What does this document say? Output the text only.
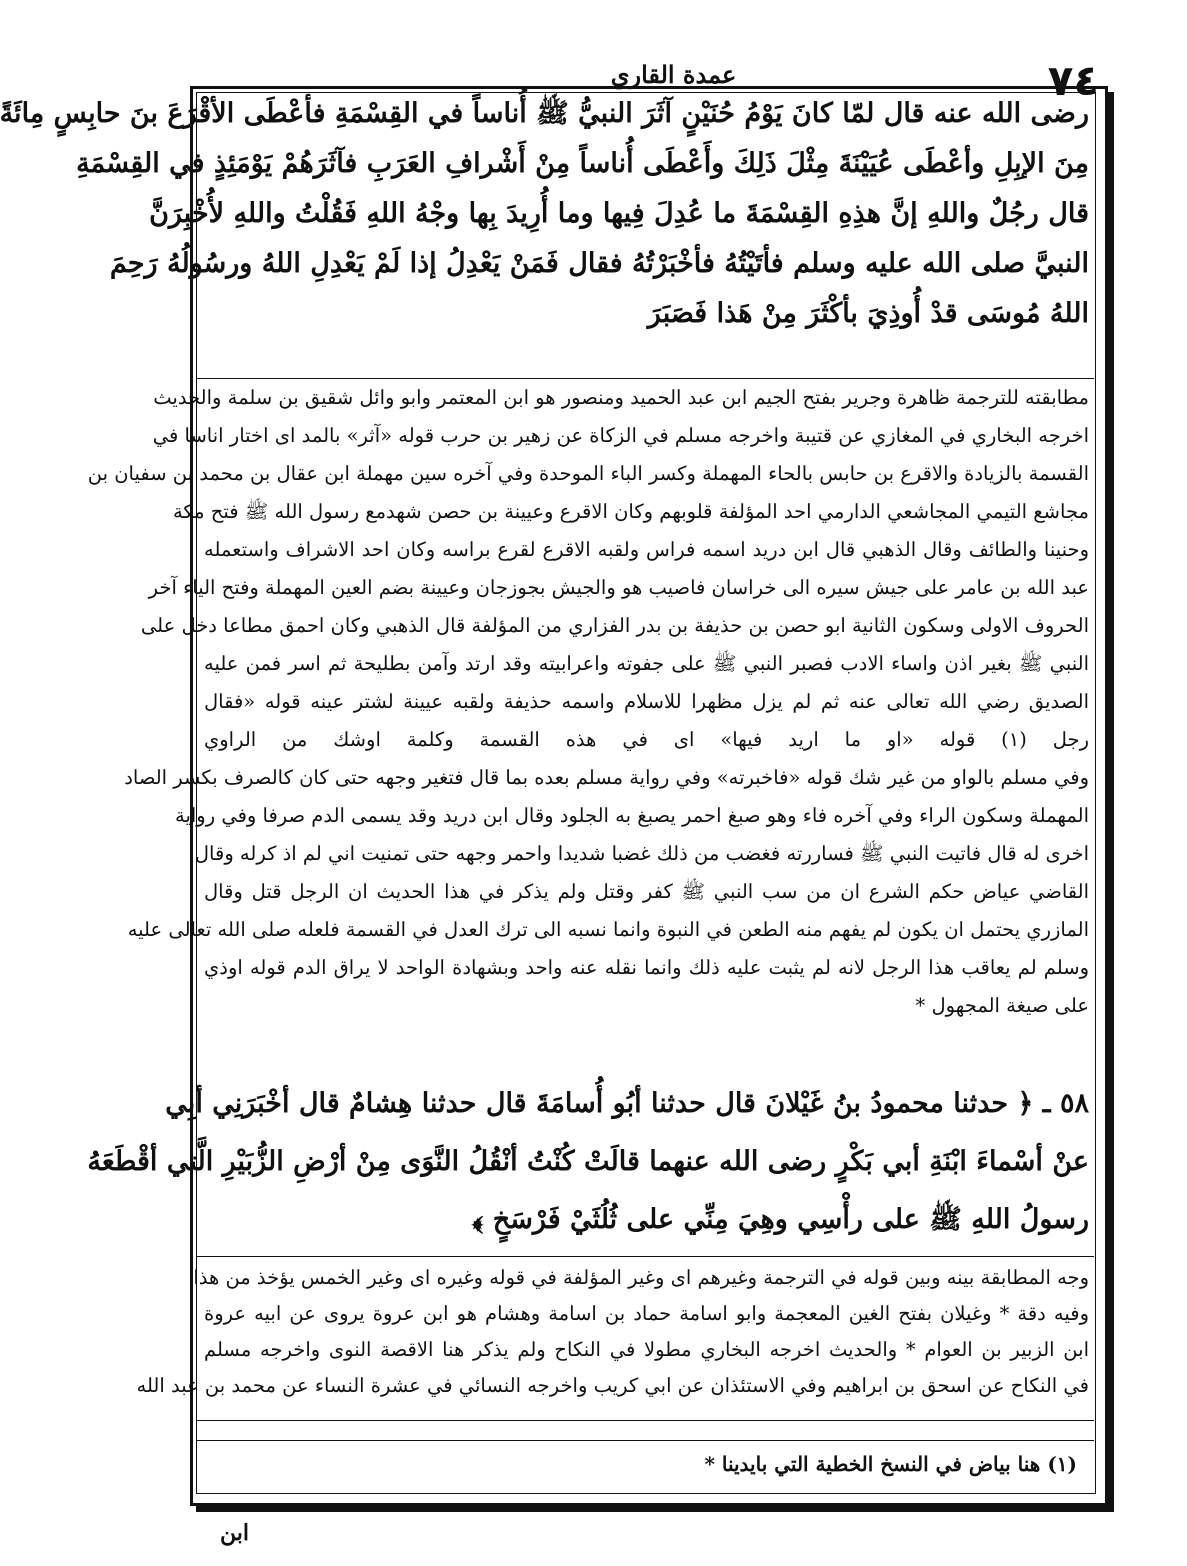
٧٤
عمدة القاري
رضى الله عنه قال لمّا كانَ يَوْمُ حُنَيْنٍ آثَرَ النبيُّ ﷺ أُناساً في القِسْمَةِ فأعْطَى الأقْرَعَ بنَ حابِسٍ مِائَةً
مِنَ الإبِلِ وأعْطَى عُيَيْنَةَ مِثْلَ ذَلِكَ وأَعْطَى أُناساً مِنْ أَشْرافِ العَرَبِ فآثَرَهُمْ يَوْمَئِذٍ في القِسْمَةِ
قال رجُلٌ واللهِ إنَّ هذِهِ القِسْمَةَ ما عُدِلَ فِيها وما أُرِيدَ بِها وجْهُ اللهِ فَقُلْتُ واللهِ لأُخْبِرَنَّ
النبيَّ صلى الله عليه وسلم فأتَيْتُهُ فأخْبَرْتُهُ فقال فَمَنْ يَعْدِلُ إذا لَمْ يَعْدِلِ اللهُ ورسُولُهُ رَحِمَ
اللهُ مُوسَى قدْ أُوذِيَ بأكْثَرَ مِنْ هَذا فَصَبَرَ
مطابقته للترجمة ظاهرة وجرير بفتح الجيم ابن عبد الحميد ومنصور هو ابن المعتمر وابو وائل شقيق بن سلمة والحديث
اخرجه البخاري في المغازي عن قتيبة واخرجه مسلم في الزكاة عن زهير بن حرب قوله «آثر» بالمد اى اختار اناسا في
القسمة بالزيادة والاقرع بن حابس بالحاء المهملة وكسر الباء الموحدة وفي آخره سين مهملة ابن عقال بن محمد بن سفيان بن
مجاشع التيمي المجاشعي الدارمي احد المؤلفة قلوبهم وكان الاقرع وعيينة بن حصن شهدمع رسول الله ﷺ فتح مكة
وحنينا والطائف وقال الذهبي قال ابن دريد اسمه فراس ولقبه الاقرع لقرع براسه وكان احد الاشراف واستعمله
عبد الله بن عامر على جيش سيره الى خراسان فاصيب هو والجيش بجوزجان وعيينة بضم العين المهملة وفتح الياء آخر
الحروف الاولى وسكون الثانية ابو حصن بن حذيفة بن بدر الفزاري من المؤلفة قال الذهبي وكان احمق مطاعا دخل على
النبي ﷺ بغير اذن واساء الادب فصبر النبي ﷺ على جفوته واعرابيته وقد ارتد وآمن بطليحة ثم اسر فمن عليه
الصديق رضي الله تعالى عنه ثم لم يزل مظهرا للاسلام واسمه حذيفة ولقبه عيينة لشتر عينه قوله «فقال
رجل (١) قوله «او ما اريد فيها» اى في هذه القسمة وكلمة اوشك من الراوي
وفي مسلم بالواو من غير شك قوله «فاخبرته» وفي رواية مسلم بعده بما قال فتغير وجهه حتى كان كالصرف بكسر الصاد
المهملة وسكون الراء وفي آخره فاء وهو صبغ احمر يصبغ به الجلود وقال ابن دريد وقد يسمى الدم صرفا وفي رواية
اخرى له قال فاتيت النبي ﷺ فساررته فغضب من ذلك غضبا شديدا واحمر وجهه حتى تمنيت اني لم اذ كرله وقال
القاضي عياض حكم الشرع ان من سب النبي ﷺ كفر وقتل ولم يذكر في هذا الحديث ان الرجل قتل وقال
المازري يحتمل ان يكون لم يفهم منه الطعن في النبوة وانما نسبه الى ترك العدل في القسمة فلعله صلى الله تعالى عليه
وسلم لم يعاقب هذا الرجل لانه لم يثبت عليه ذلك وانما نقله عنه واحد وبشهادة الواحد لا يراق الدم قوله اوذي
على صيغة المجهول *
٥٨ ـ ﴿ حدثنا محمودُ بنُ غَيْلانَ قال حدثنا أبُو أُسامَةَ قال حدثنا هِشامٌ قال أخْبَرَنِي أبِي
عنْ أسْماءَ ابْنَةِ أبي بَكْرٍ رضى الله عنهما قالَتْ كُنْتُ أنْقُلُ النَّوَى مِنْ أرْضِ الزُّبَيْرِ الَّتي أقْطَعَهُ
رسولُ اللهِ ﷺ على رأْسِي وهِيَ مِنِّي على ثُلُثَيْ فَرْسَخٍ ﴾
وجه المطابقة بينه وبين قوله في الترجمة وغيرهم اى وغير المؤلفة في قوله وغيره اى وغير الخمس يؤخذ من هذا
وفيه دقة * وغيلان بفتح الغين المعجمة وابو اسامة حماد بن اسامة وهشام هو ابن عروة يروى عن ابيه عروة
ابن الزبير بن العوام * والحديث اخرجه البخاري مطولا في النكاح ولم يذكر هنا الاقصة النوى واخرجه مسلم
في النكاح عن اسحق بن ابراهيم وفي الاستئذان عن ابي كريب واخرجه النسائي في عشرة النساء عن محمد بن عبد الله
(١) هنا بياض في النسخ الخطية التي بايدينا *
ابن
